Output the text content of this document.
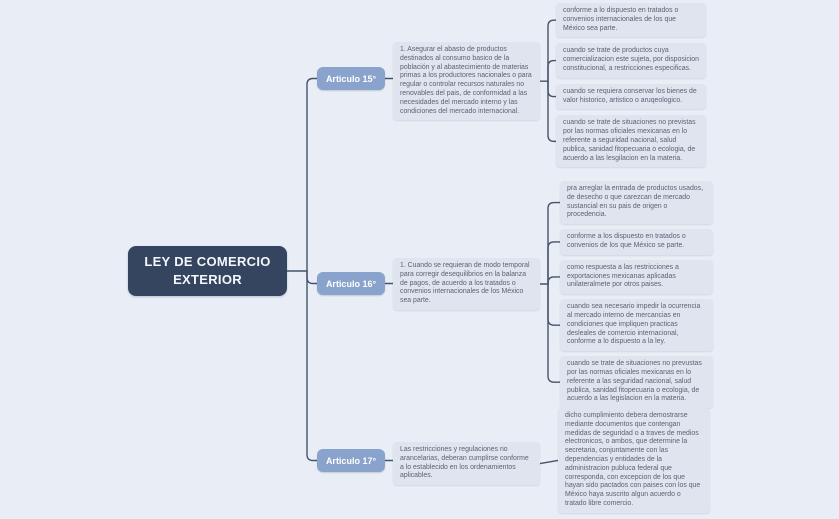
LEY DE COMERCIO EXTERIOR
Articulo 15°
1. Asegurar el abasto de productos destinados al consumo basico de la población y al abastecimiento de materias primas a los productores nacionales o para regular o controlar recursos naturales no renovables del pais, de conformidad a las necesidades del mercado interno y las condiciones del mercado internacional.
conforme a lo dispuesto en tratados o convenios internacionales de los que México sea parte.
cuando se trate de productos cuya comercializacion este sujeta, por disposicion constitucional, a restricciones especificas.
cuando se requiera conservar los bienes de valor historico, artistico o aruqeologico.
cuando se trate de situaciones no previstas por las normas oficiales mexicanas en lo referente a seguridad nacional, salud publica, sanidad fitopecuaria o ecologia, de acuerdo a las lesgilacion en la materia.
Articulo 16°
1. Cuando se requieran de modo temporal para corregir desequilibrios en la balanza de pagos, de acuerdo a los tratados o convenios internacionales de los México sea parte.
pra arreglar la entrada de productos usados, de desecho o que carezcan de mercado sustancial en su pais de origen o procedencia.
conforme a los dispuesto en tratados o convenios de los que México se parte.
como respuesta a las restricciones a exportaciones mexicanas aplicadas unilateralmete por otros paises.
cuando sea necesario impedir la ocurrencia al mercado interno de mercancias en condiciones que impliquen practicas desleales de comercio internacional, conforme a lo dispuesto a la ley.
cuando se trate de situaciones no prevustas por las normas oficiales mexicanas en lo referente a las seguridad nacional, salud publica, sanidad fitopecuaria o ecologia, de acuerdo a las legislacion en la materia.
Articulo 17°
Las restricciones y regulaciones no arancelarias, deberan cumplirse conforme a lo establecido en los ordenamientos aplicables.
dicho cumplimiento debera demostrarse mediante documentos que contengan medidas de seguridad o a traves de medios electronicos, o ambos, que determine la secretaria, conjuntamente con las dependencias y entidades de la administracion publuca federal que corresponda, con excepcion de los que hayan sido pactados con paises con los que México haya suscrito algun acuerdo o tratado libre comercio.
